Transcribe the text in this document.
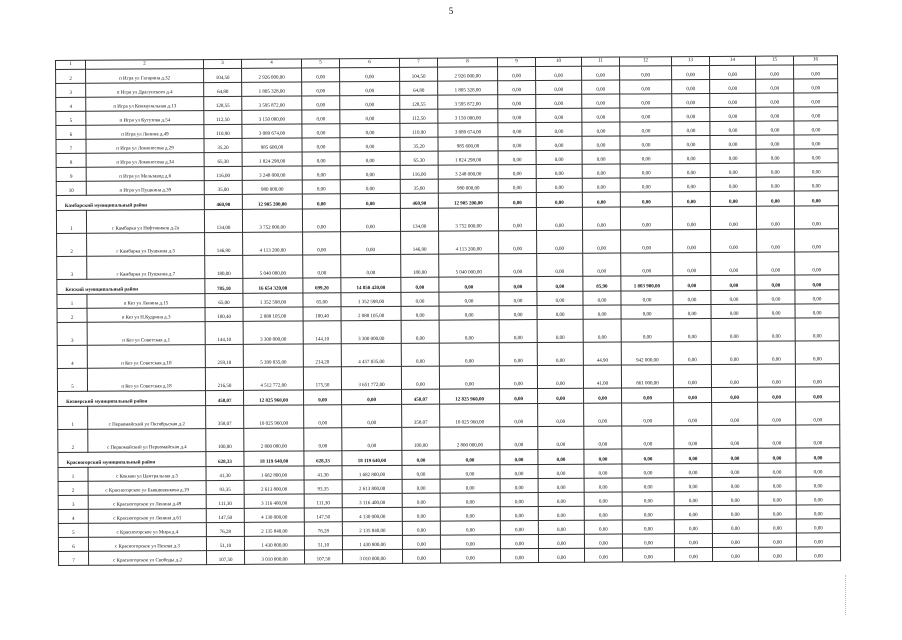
5
1	2	3	4	5	6	7	8	9	10	11	12	13	14	15	16
2	п Игра ул Гагарина д.32	104,50	2 926 000,00	0,00	0,00	104,50	2 926 000,00	0,00	0,00	0,00	0,00	0,00	0,00	0,00	0,00
3	п Игра ул Драгунского д.4	64,80	1 805 328,00	0,00	0,00	64,80	1 805 328,00	0,00	0,00	0,00	0,00	0,00	0,00	0,00	0,00
4	п Игра ул Коммунальная д.13	128,55	3 595 872,00	0,00	0,00	128,55	3 595 872,00	0,00	0,00	0,00	0,00	0,00	0,00	0,00	0,00
5	п Игра ул Кутузова д.54	112,50	3 150 000,00	0,00	0,00	112,50	3 150 000,00	0,00	0,00	0,00	0,00	0,00	0,00	0,00	0,00
6	п Игра ул Ленина д.49	110,90	3 089 674,00	0,00	0,00	110,90	3 089 674,00	0,00	0,00	0,00	0,00	0,00	0,00	0,00	0,00
7	п Игра ул Ломоносова д.29	35,20	985 600,00	0,00	0,00	35,20	985 600,00	0,00	0,00	0,00	0,00	0,00	0,00	0,00	0,00
8	п Игра ул Ломоносова д.34	65,30	1 824 298,00	0,00	0,00	65,30	1 824 298,00	0,00	0,00	0,00	0,00	0,00	0,00	0,00	0,00
9	п Игра ул Мельзавод д.6	116,00	3 248 000,00	0,00	0,00	116,00	3 248 000,00	0,00	0,00	0,00	0,00	0,00	0,00	0,00	0,00
10	п Игра ул Пушкина д.39	35,00	980 000,00	0,00	0,00	35,00	980 000,00	0,00	0,00	0,00	0,00	0,00	0,00	0,00	0,00
Камбарский муниципальный район		460,90	12 905 200,00	0,00	0,00	460,90	12 905 200,00	0,00	0,00	0,00	0,00	0,00	0,00	0,00	0,00
1	г Камбарка ул Нефтяников д.2а	134,00	3 752 000,00	0,00	0,00	134,00	3 752 000,00	0,00	0,00	0,00	0,00	0,00	0,00	0,00	0,00
2	г Камбарка ул Пушкина д.5	146,90	4 113 200,00	0,00	0,00	146,90	4 113 200,00	0,00	0,00	0,00	0,00	0,00	0,00	0,00	0,00
3	г Камбарка ул Пушкина д.7	180,00	5 040 000,00	0,00	0,00	180,00	5 040 000,00	0,00	0,00	0,00	0,00	0,00	0,00	0,00	0,00
Кезский муниципальный район		785,10	16 654 320,00	699,20	14 850 420,00	0,00	0,00	0,00	0,00	85,90	1 803 900,00	0,00	0,00	0,00	0,00
1	п Кез ул Ленина д.15	65,00	1 352 598,00	65,00	1 352 598,00	0,00	0,00	0,00	0,00	0,00	0,00	0,00	0,00	0,00	0,00
2	п Кез ул Н.Кудрина д.3	100,40	2 088 105,00	100,40	2 088 105,00	0,00	0,00	0,00	0,00	0,00	0,00	0,00	0,00	0,00	0,00
3	п Кез ул Советская д.1	144,10	3 300 000,00	144,10	3 300 000,00	0,00	0,00	0,00	0,00	0,00	0,00	0,00	0,00	0,00	0,00
4	п Кез ул Советская д.10	259,10	5 399 035,00	214,20	4 457 035,00	0,00	0,00	0,00	0,00	44,90	942 000,00	0,00	0,00	0,00	0,00
5	п Кез ул Советская д.18	216,50	4 512 772,00	175,50	3 651 772,00	0,00	0,00	0,00	0,00	41,00	861 000,00	0,00	0,00	0,00	0,00
Кизнерский муниципальный район		458,07	12 825 960,00	0,00	0,00	458,07	12 825 960,00	0,00	0,00	0,00	0,00	0,00	0,00	0,00	0,00
1	с Первомайский ул Октябрьская д.2	358,07	10 025 960,00	0,00	0,00	358,07	10 025 960,00	0,00	0,00	0,00	0,00	0,00	0,00	0,00	0,00
2	с Первомайский ул Первомайская д.4	100,00	2 800 000,00	0,00	0,00	100,00	2 800 000,00	0,00	0,00	0,00	0,00	0,00	0,00	0,00	0,00
Красногорский муниципальный район		628,33	18 119 640,00	628,33	18 119 640,00	0,00	0,00	0,00	0,00	0,00	0,00	0,00	0,00	0,00	0,00
1	с Кокман ул Центральная д.5	41,30	1 682 800,00	41,30	1 682 800,00	0,00	0,00	0,00	0,00	0,00	0,00	0,00	0,00	0,00	0,00
2	с Красногорское ул Бывшевенкова д.19	93,35	2 613 800,00	93,35	2 613 800,00	0,00	0,00	0,00	0,00	0,00	0,00	0,00	0,00	0,00	0,00
3	с Красногорское ул Ленина д.49	111,30	3 116 400,00	111,30	3 116 400,00	0,00	0,00	0,00	0,00	0,00	0,00	0,00	0,00	0,00	0,00
4	с Красногорское ул Ленина д.61	147,50	4 130 000,00	147,50	4 130 000,00	0,00	0,00	0,00	0,00	0,00	0,00	0,00	0,00	0,00	0,00
5	с Красногорское ул Мира д.4	76,28	2 135 840,00	76,28	2 135 840,00	0,00	0,00	0,00	0,00	0,00	0,00	0,00	0,00	0,00	0,00
6	с Красногорское ул Пехова д.3	51,10	1 430 800,00	51,10	1 430 800,00	0,00	0,00	0,00	0,00	0,00	0,00	0,00	0,00	0,00	0,00
7	с Красногорское ул Свободы д.2	107,50	3 010 000,00	107,50	3 010 000,00	0,00	0,00	0,00	0,00	0,00	0,00	0,00	0,00	0,00	0,00
